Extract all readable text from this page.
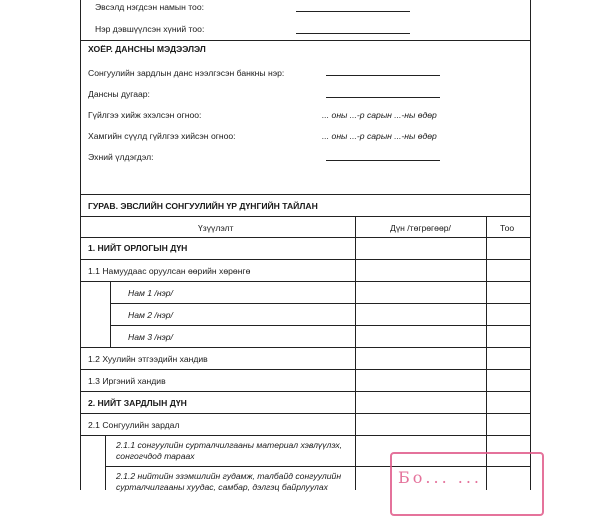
Эвсэлд нэгдсэн намын тоо:
Нэр дэвшүүлсэн хүний тоо:
ХОЁР. ДАНСНЫ МЭДЭЭЛЭЛ
Сонгуулийн зардлын данс нээлгэсэн банкны нэр:
Дансны дугаар:
Гүйлгээ хийж эхэлсэн огноо:	... оны ...-р сарын ...-ны өдөр
Хамгийн сүүлд гүйлгээ хийсэн огноо:	... оны ...-р сарын ...-ны өдөр
Эхний үлдэгдэл:
ГУРАВ. ЭВСЛИЙН СОНГУУЛИЙН ҮР ДҮНГИЙН ТАЙЛАН
Үзүүлэлт	Дүн /төгрөгөөр/	Тоо
1. НИЙТ ОРЛОГЫН ДҮН
1.1 Намуудаас оруулсан өөрийн хөрөнгө
Нам 1 /нэр/
Нам 2 /нэр/
Нам 3 /нэр/
1.2 Хуулийн этгээдийн хандив
1.3 Иргэний хандив
2. НИЙТ ЗАРДЛЫН ДҮН
2.1 Сонгуулийн зардал
2.1.1 сонгуулийн сурталчилгааны материал хэвлүүлэх,
сонгогчдод тараах
2.1.2 нийтийн эзэмшлийн гудамж, талбайд сонгуулийн
сурталчилгааны хуудас, самбар, дэлгэц байрлуулах	Бо... ...
